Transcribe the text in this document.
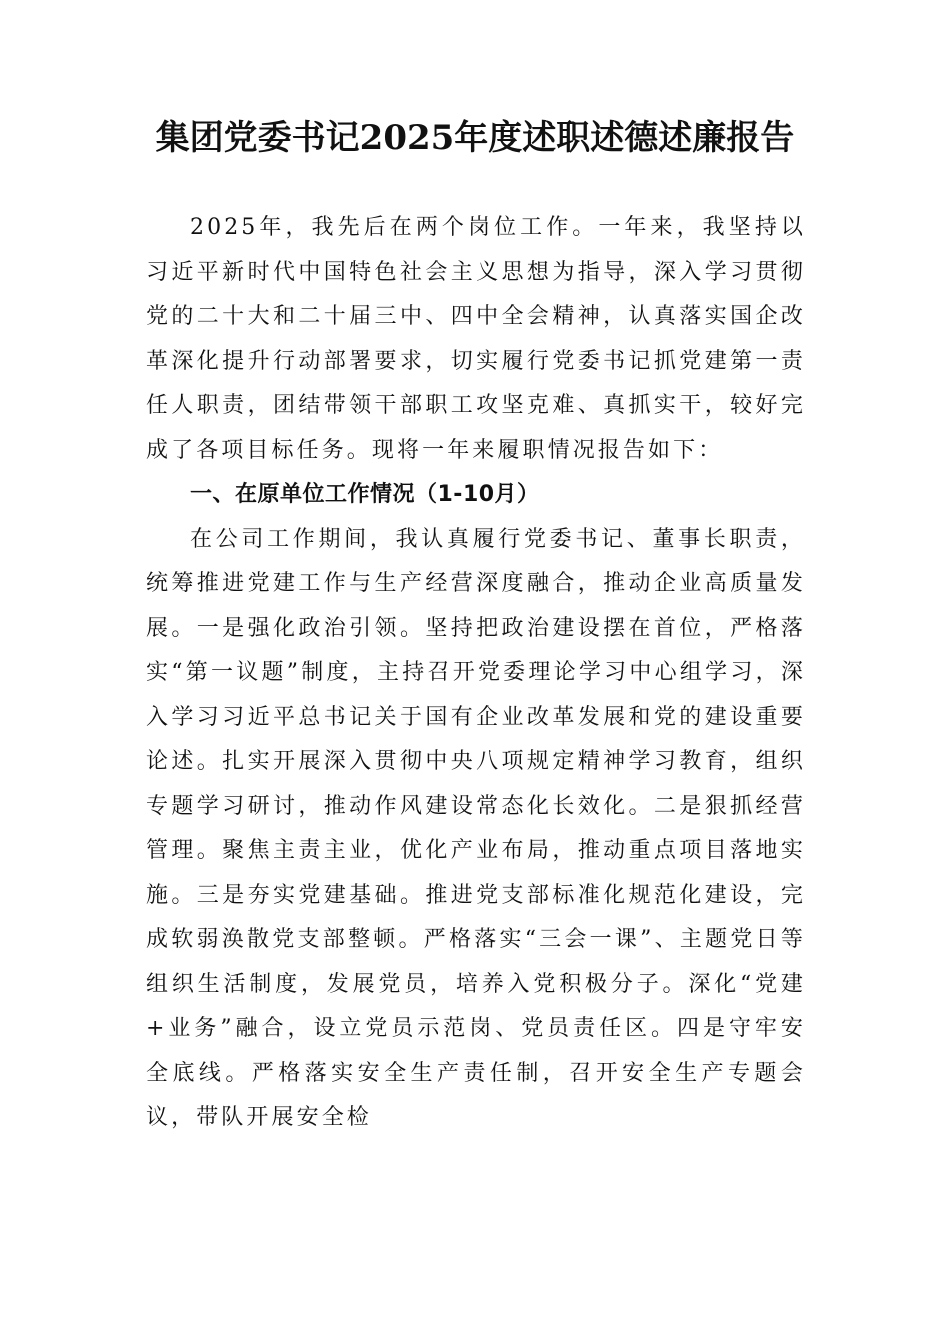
集团党委书记2025年度述职述德述廉报告

2025年，我先后在两个岗位工作。一年来，我坚持以习近平新时代中国特色社会主义思想为指导，深入学习贯彻党的二十大和二十届三中、四中全会精神，认真落实国企改革深化提升行动部署要求，切实履行党委书记抓党建第一责任人职责，团结带领干部职工攻坚克难、真抓实干，较好完成了各项目标任务。现将一年来履职情况报告如下：

一、在原单位工作情况（1-10月）

在公司工作期间，我认真履行党委书记、董事长职责，统筹推进党建工作与生产经营深度融合，推动企业高质量发展。一是强化政治引领。坚持把政治建设摆在首位，严格落实“第一议题”制度，主持召开党委理论学习中心组学习，深入学习习近平总书记关于国有企业改革发展和党的建设重要论述。扎实开展深入贯彻中央八项规定精神学习教育，组织专题学习研讨，推动作风建设常态化长效化。二是狠抓经营管理。聚焦主责主业，优化产业布局，推动重点项目落地实施。三是夯实党建基础。推进党支部标准化规范化建设，完成软弱涣散党支部整顿。严格落实“三会一课”、主题党日等组织生活制度，发展党员，培养入党积极分子。深化“党建+业务”融合，设立党员示范岗、党员责任区。四是守牢安全底线。严格落实安全生产责任制，召开安全生产专题会议，带队开展安全检
